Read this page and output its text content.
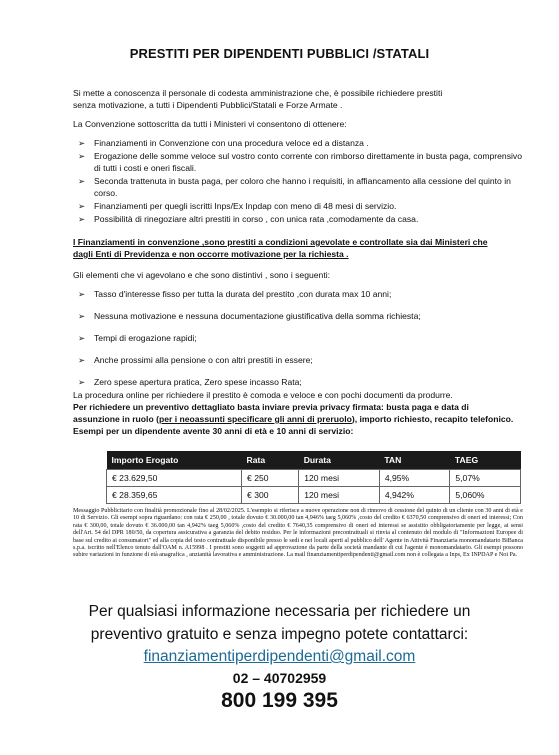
PRESTITI PER DIPENDENTI PUBBLICI /STATALI
Si mette a conoscenza il personale di codesta amministrazione che, è possibile richiedere prestiti
senza motivazione, a tutti i Dipendenti Pubblici/Statali e Forze Armate .
La Convenzione sottoscritta da tutti i Ministeri vi consentono di ottenere:
➢ Finanziamenti in Convenzione con una procedura veloce ed a distanza .
➢ Erogazione delle somme veloce sul vostro conto corrente con rimborso direttamente in busta paga, comprensivo di tutti i costi e oneri fiscali.
➢ Seconda trattenuta in busta paga, per coloro che hanno i requisiti, in affiancamento alla cessione del quinto in corso.
➢ Finanziamenti per quegli iscritti Inps/Ex Inpdap con meno di 48 mesi di servizio.
➢ Possibilità di rinegoziare altri prestiti in corso , con unica rata ,comodamente da casa.
I Finanziamenti in convenzione ,sono prestiti a condizioni agevolate e controllate sia dai Ministeri che
dagli Enti di Previdenza e non occorre motivazione per la richiesta .
Gli elementi che vi agevolano e che sono distintivi , sono i seguenti:
➢ Tasso d'interesse fisso per tutta la durata del prestito ,con durata max 10 anni;
➢ Nessuna motivazione e nessuna documentazione giustificativa della somma richiesta;
➢ Tempi di erogazione rapidi;
➢ Anche prossimi alla pensione o con altri prestiti in essere;
➢ Zero spese apertura pratica, Zero spese incasso Rata;
La procedura online per richiedere il prestito è comoda e veloce e con pochi documenti da produrre.
Per richiedere un preventivo dettagliato basta inviare previa privacy firmata: busta paga e data di
assunzione in ruolo (per i neoassunti specificare gli anni di preruolo), importo richiesto, recapito telefonico.
Esempi per un dipendente avente 30 anni di età e 10 anni di servizio:
Importo Erogato	Rata	Durata	TAN	TAEG
€ 23.629,50	€ 250	120 mesi	4,95%	5,07%
€ 28.359,65	€ 300	120 mesi	4,942%	5,060%
Messaggio Pubblicitario con finalità promozionale fino al 28/02/2025. L'esempio si riferisce a nuove operazione non di rinnovo di cessione del quinto di un cliente con 30 anni di età e 10 di Servizio. Gli esempi sopra riguardano: con rata € 250,00 , totale dovuto € 30.000,00 tan 4,946% taeg 5,060% ,costo del credito € 6370,50 comprensivo di oneri ed interessi; Con rata € 300,00, totale dovuto € 36.000,00 tan 4,942% taeg 5,060% ,costo del credito € 7640,35 comprensivo di oneri ed interessi se assistito obbligatoriamente per legge, ai sensi dell'Art. 54 del DPR 180/50, da copertura assicurativa a garanzia del debito residuo. Per le informazioni precontrattuali si rinvia al contenuto del modulo di "Informazioni Europee di base sul credito ai consumatori" ed alla copia del testo contrattuale disponibile presso le sedi e nei locali aperti al pubblico dell' Agente in Attività Finanziaria monomandatario BiBanca s.p.a. iscritto nell'Elenco tenuto dall'OAM n. A15998 . I prestiti sono soggetti ad approvazione da parte della società mandante di cui l'agente è monomandatario. Gli esempi possono subire variazioni in funzione di età anagrafica , anzianità lavorativa e amministrazione. La mail finanziamentiperdipendenti@gmail.com non è collegata a Inps, Ex INPDAP e Noi Pa.
Per qualsiasi informazione necessaria per richiedere un
preventivo gratuito e senza impegno potete contattarci:
finanziamentiperdipendenti@gmail.com
02 – 40702959
800 199 395
